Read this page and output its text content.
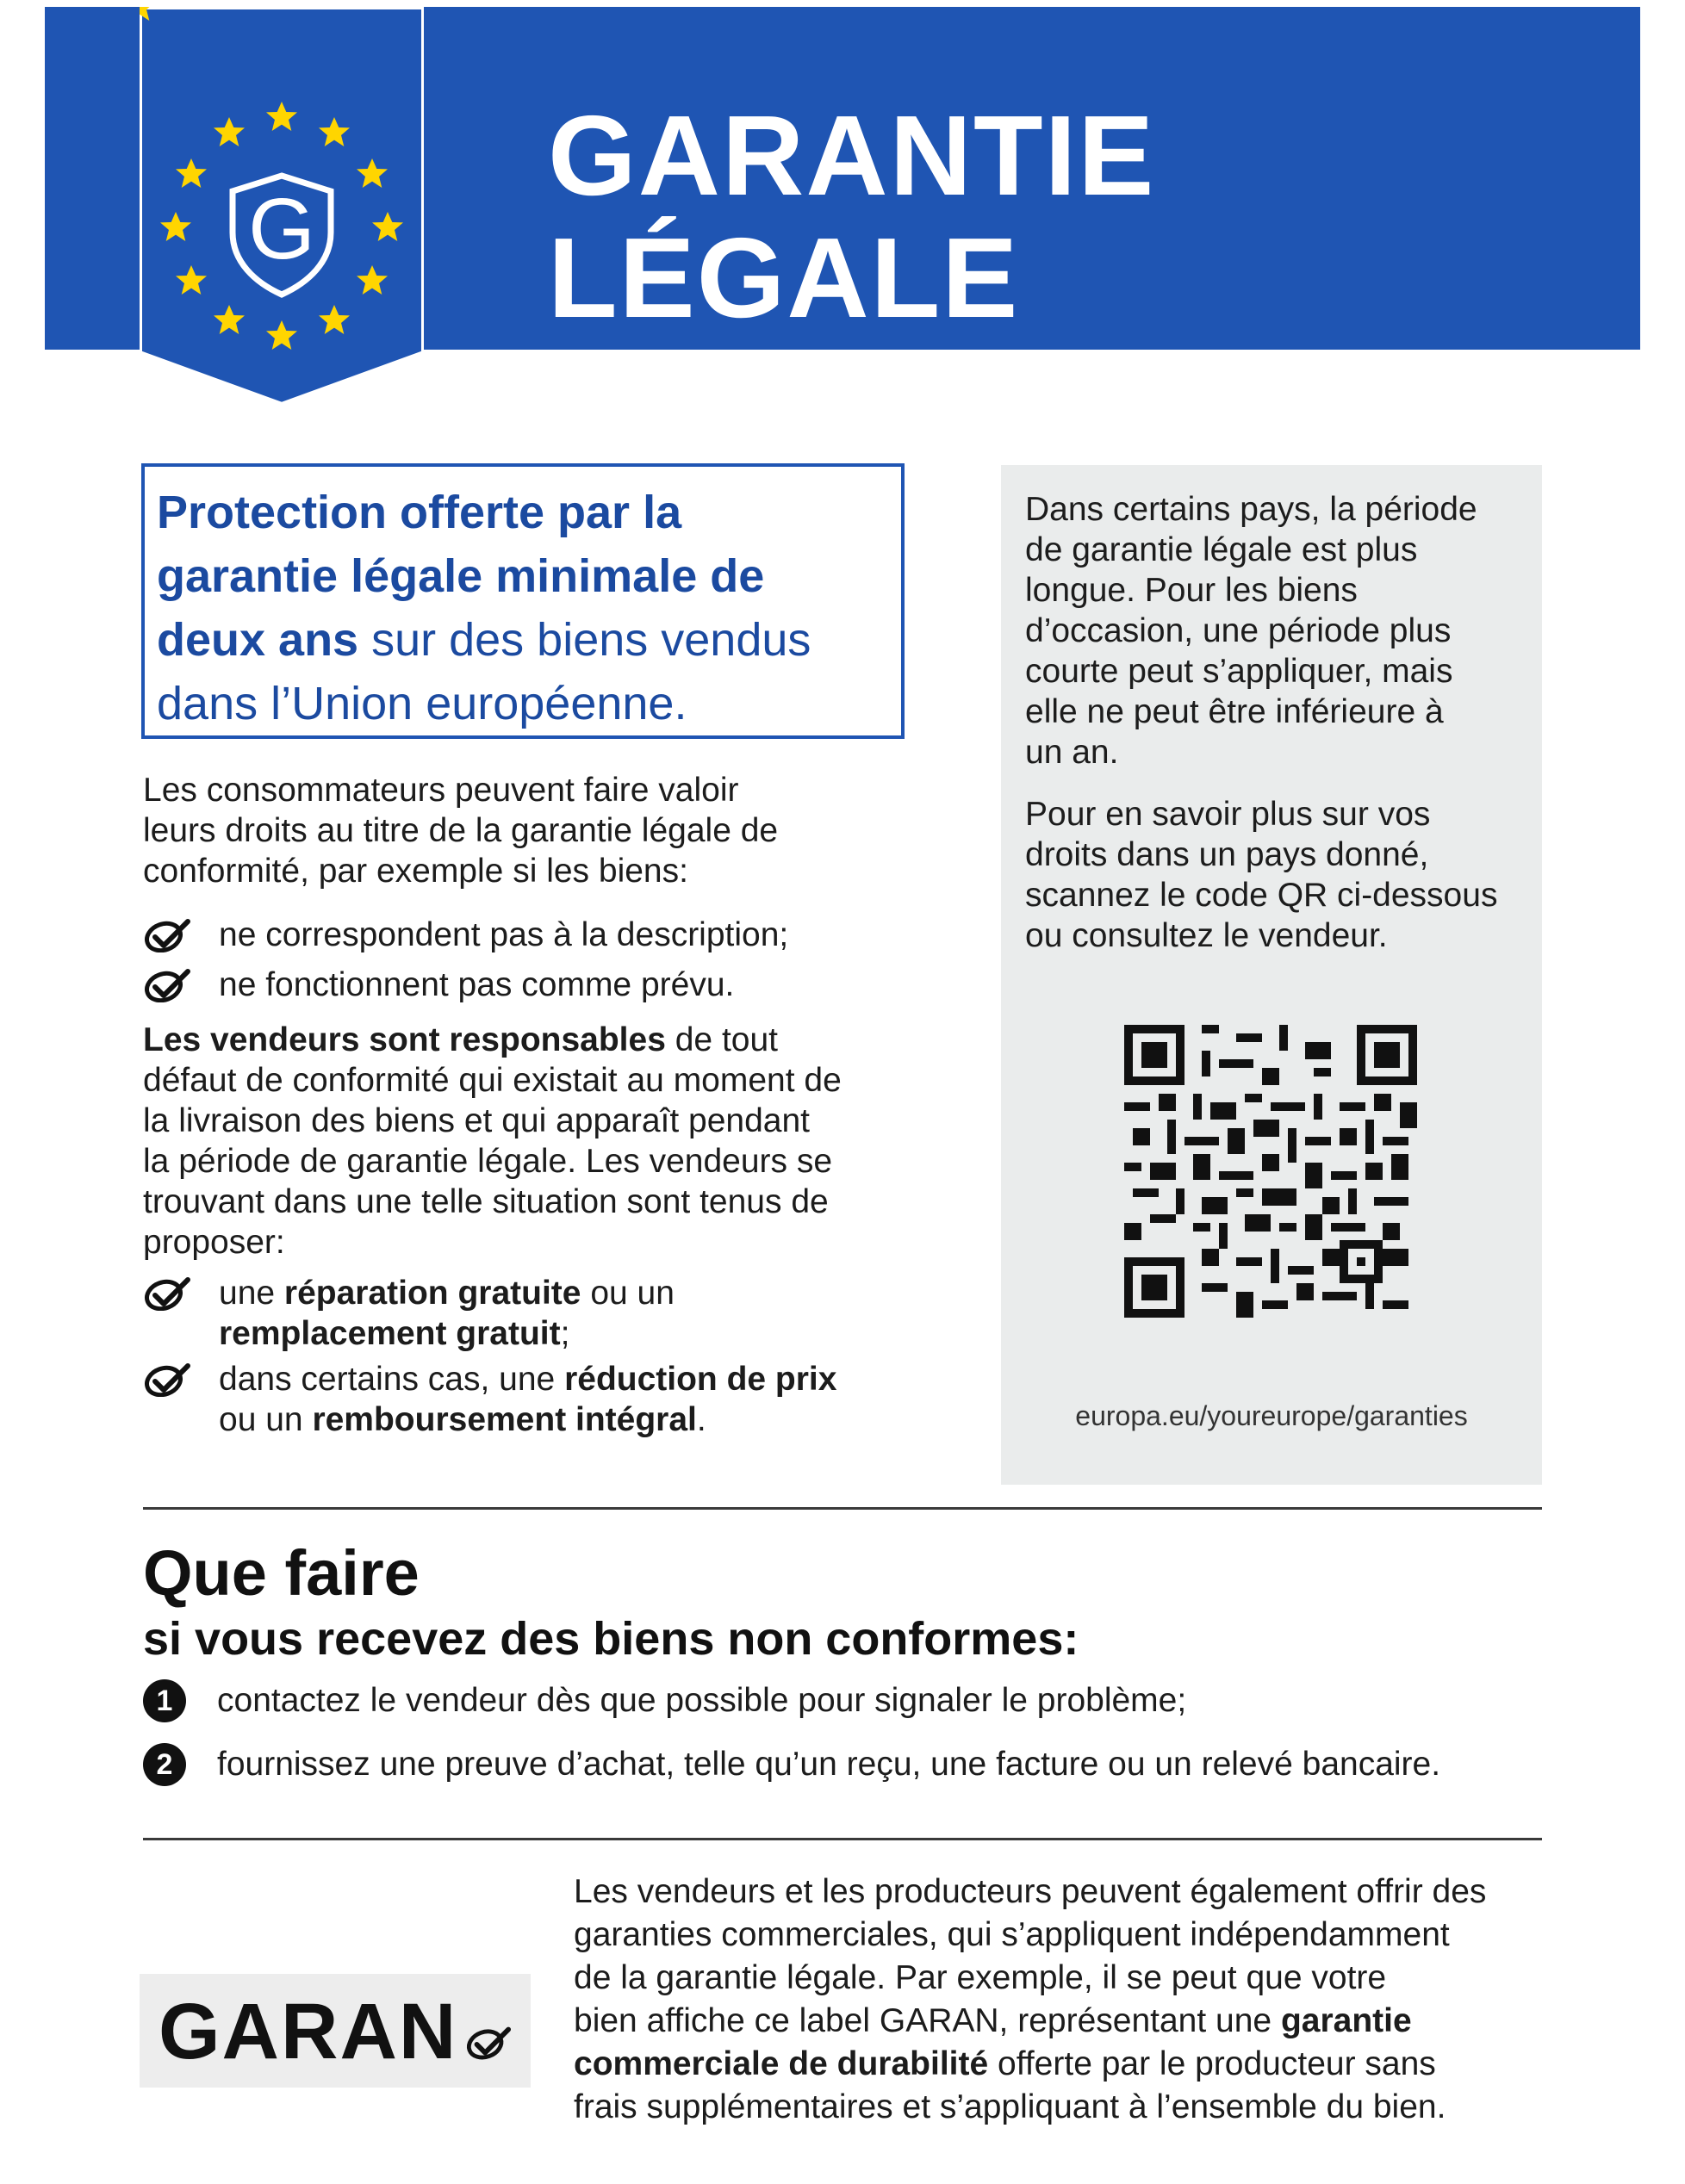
G
GARANTIE
LÉGALE
Protection offerte par la
garantie légale minimale de
deux ans sur des biens vendus
dans l’Union européenne.
Les consommateurs peuvent faire valoir
leurs droits au titre de la garantie légale de
conformité, par exemple si les biens:
ne correspondent pas à la description;
ne fonctionnent pas comme prévu.
Les vendeurs sont responsables de tout
défaut de conformité qui existait au moment de
la livraison des biens et qui apparaît pendant
la période de garantie légale. Les vendeurs se
trouvant dans une telle situation sont tenus de
proposer:
une réparation gratuite ou un
remplacement gratuit;
dans certains cas, une réduction de prix
ou un remboursement intégral.
Dans certains pays, la période
de garantie légale est plus
longue. Pour les biens
d’occasion, une période plus
courte peut s’appliquer, mais
elle ne peut être inférieure à
un an.
Pour en savoir plus sur vos
droits dans un pays donné,
scannez le code QR ci-dessous
ou consultez le vendeur.
europa.eu/youreurope/garanties
Que faire
si vous recevez des biens non conformes:
1	contactez le vendeur dès que possible pour signaler le problème;
2	fournissez une preuve d’achat, telle qu’un reçu, une facture ou un relevé bancaire.
GARAN
Les vendeurs et les producteurs peuvent également offrir des
garanties commerciales, qui s’appliquent indépendamment
de la garantie légale. Par exemple, il se peut que votre
bien affiche ce label GARAN, représentant une garantie
commerciale de durabilité offerte par le producteur sans
frais supplémentaires et s’appliquant à l’ensemble du bien.
